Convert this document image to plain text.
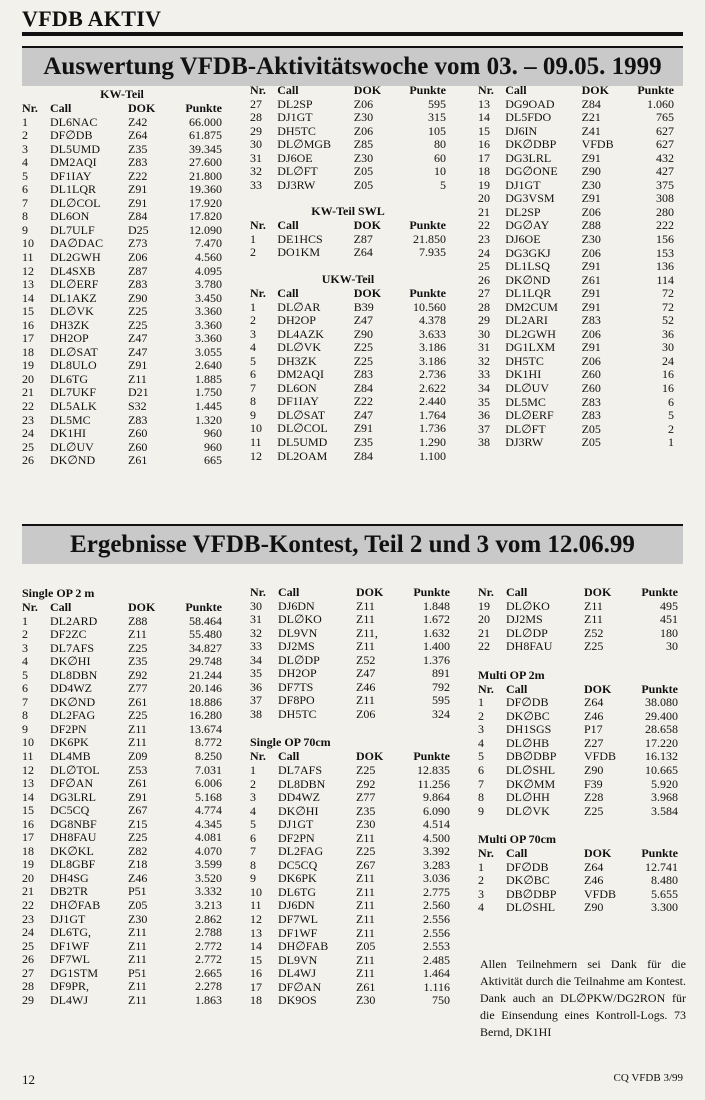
VFDB AKTIV
Auswertung VFDB-Aktivitätswoche vom 03. – 09.05. 1999
Ergebnisse VFDB-Kontest, Teil 2 und 3 vom 12.06.99
KW-Teil
Nr.	Call	DOK	Punkte
1	DL6NAC	Z42	66.000
2	DF∅DB	Z64	61.875
3	DL5UMD	Z35	39.345
4	DM2AQI	Z83	27.600
5	DF1IAY	Z22	21.800
6	DL1LQR	Z91	19.360
7	DL∅COL	Z91	17.920
8	DL6ON	Z84	17.820
9	DL7ULF	D25	12.090
10	DA∅DAC	Z73	7.470
11	DL2GWH	Z06	4.560
12	DL4SXB	Z87	4.095
13	DL∅ERF	Z83	3.780
14	DL1AKZ	Z90	3.450
15	DL∅VK	Z25	3.360
16	DH3ZK	Z25	3.360
17	DH2OP	Z47	3.360
18	DL∅SAT	Z47	3.055
19	DL8ULO	Z91	2.640
20	DL6TG	Z11	1.885
21	DL7UKF	D21	1.750
22	DL5ALK	S32	1.445
23	DL5MC	Z83	1.320
24	DK1HI	Z60	960
25	DL∅UV	Z60	960
26	DK∅ND	Z61	665
Nr.	Call	DOK	Punkte
27	DL2SP	Z06	595
28	DJ1GT	Z30	315
29	DH5TC	Z06	105
30	DL∅MGB	Z85	80
31	DJ6OE	Z30	60
32	DL∅FT	Z05	10
33	DJ3RW	Z05	5
KW-Teil SWL
Nr.	Call	DOK	Punkte
1	DE1HCS	Z87	21.850
2	DO1KM	Z64	7.935
UKW-Teil
Nr.	Call	DOK	Punkte
1	DL∅AR	B39	10.560
2	DH2OP	Z47	4.378
3	DL4AZK	Z90	3.633
4	DL∅VK	Z25	3.186
5	DH3ZK	Z25	3.186
6	DM2AQI	Z83	2.736
7	DL6ON	Z84	2.622
8	DF1IAY	Z22	2.440
9	DL∅SAT	Z47	1.764
10	DL∅COL	Z91	1.736
11	DL5UMD	Z35	1.290
12	DL2OAM	Z84	1.100
Nr.	Call	DOK	Punkte
13	DG9OAD	Z84	1.060
14	DL5FDO	Z21	765
15	DJ6IN	Z41	627
16	DK∅DBP	VFDB	627
17	DG3LRL	Z91	432
18	DG∅ONE	Z90	427
19	DJ1GT	Z30	375
20	DG3VSM	Z91	308
21	DL2SP	Z06	280
22	DG∅AY	Z88	222
23	DJ6OE	Z30	156
24	DG3GKJ	Z06	153
25	DL1LSQ	Z91	136
26	DK∅ND	Z61	114
27	DL1LQR	Z91	72
28	DM2CUM	Z91	72
29	DL2ARI	Z83	52
30	DL2GWH	Z06	36
31	DG1LXM	Z91	30
32	DH5TC	Z06	24
33	DK1HI	Z60	16
34	DL∅UV	Z60	16
35	DL5MC	Z83	6
36	DL∅ERF	Z83	5
37	DL∅FT	Z05	2
38	DJ3RW	Z05	1
Single OP 2 m
Nr.	Call	DOK	Punkte
1	DL2ARD	Z88	58.464
2	DF2ZC	Z11	55.480
3	DL7AFS	Z25	34.827
4	DK∅HI	Z35	29.748
5	DL8DBN	Z92	21.244
6	DD4WZ	Z77	20.146
7	DK∅ND	Z61	18.886
8	DL2FAG	Z25	16.280
9	DF2PN	Z11	13.674
10	DK6PK	Z11	8.772
11	DL4MB	Z09	8.250
12	DL∅TOL	Z53	7.031
13	DF∅AN	Z61	6.006
14	DG3LRL	Z91	5.168
15	DC5CQ	Z67	4.774
16	DG8NBF	Z15	4.345
17	DH8FAU	Z25	4.081
18	DK∅KL	Z82	4.070
19	DL8GBF	Z18	3.599
20	DH4SG	Z46	3.520
21	DB2TR	P51	3.332
22	DH∅FAB	Z05	3.213
23	DJ1GT	Z30	2.862
24	DL6TG,	Z11	2.788
25	DF1WF	Z11	2.772
26	DF7WL	Z11	2.772
27	DG1STM	P51	2.665
28	DF9PR,	Z11	2.278
29	DL4WJ	Z11	1.863
Nr.	Call	DOK	Punkte
30	DJ6DN	Z11	1.848
31	DL∅KO	Z11	1.672
32	DL9VN	Z11,	1.632
33	DJ2MS	Z11	1.400
34	DL∅DP	Z52	1.376
35	DH2OP	Z47	891
36	DF7TS	Z46	792
37	DF8PO	Z11	595
38	DH5TC	Z06	324
Single OP 70cm
Nr.	Call	DOK	Punkte
1	DL7AFS	Z25	12.835
2	DL8DBN	Z92	11.256
3	DD4WZ	Z77	9.864
4	DK∅HI	Z35	6.090
5	DJ1GT	Z30	4.514
6	DF2PN	Z11	4.500
7	DL2FAG	Z25	3.392
8	DC5CQ	Z67	3.283
9	DK6PK	Z11	3.036
10	DL6TG	Z11	2.775
11	DJ6DN	Z11	2.560
12	DF7WL	Z11	2.556
13	DF1WF	Z11	2.556
14	DH∅FAB	Z05	2.553
15	DL9VN	Z11	2.485
16	DL4WJ	Z11	1.464
17	DF∅AN	Z61	1.116
18	DK9OS	Z30	750
Nr.	Call	DOK	Punkte
19	DL∅KO	Z11	495
20	DJ2MS	Z11	451
21	DL∅DP	Z52	180
22	DH8FAU	Z25	30
Multi OP 2m
Nr.	Call	DOK	Punkte
1	DF∅DB	Z64	38.080
2	DK∅BC	Z46	29.400
3	DH1SGS	P17	28.658
4	DL∅HB	Z27	17.220
5	DB∅DBP	VFDB	16.132
6	DL∅SHL	Z90	10.665
7	DK∅MM	F39	5.920
8	DL∅HH	Z28	3.968
9	DL∅VK	Z25	3.584
Multi OP 70cm
Nr.	Call	DOK	Punkte
1	DF∅DB	Z64	12.741
2	DK∅BC	Z46	8.480
3	DB∅DBP	VFDB	5.655
4	DL∅SHL	Z90	3.300
Allen Teilnehmern sei Dank für die Aktivität durch die Teilnahme am Kontest. Dank auch an DL∅PKW/DG2RON für die Einsendung eines Kontroll-Logs. 73 Bernd, DK1HI
12	CQ VFDB 3/99
